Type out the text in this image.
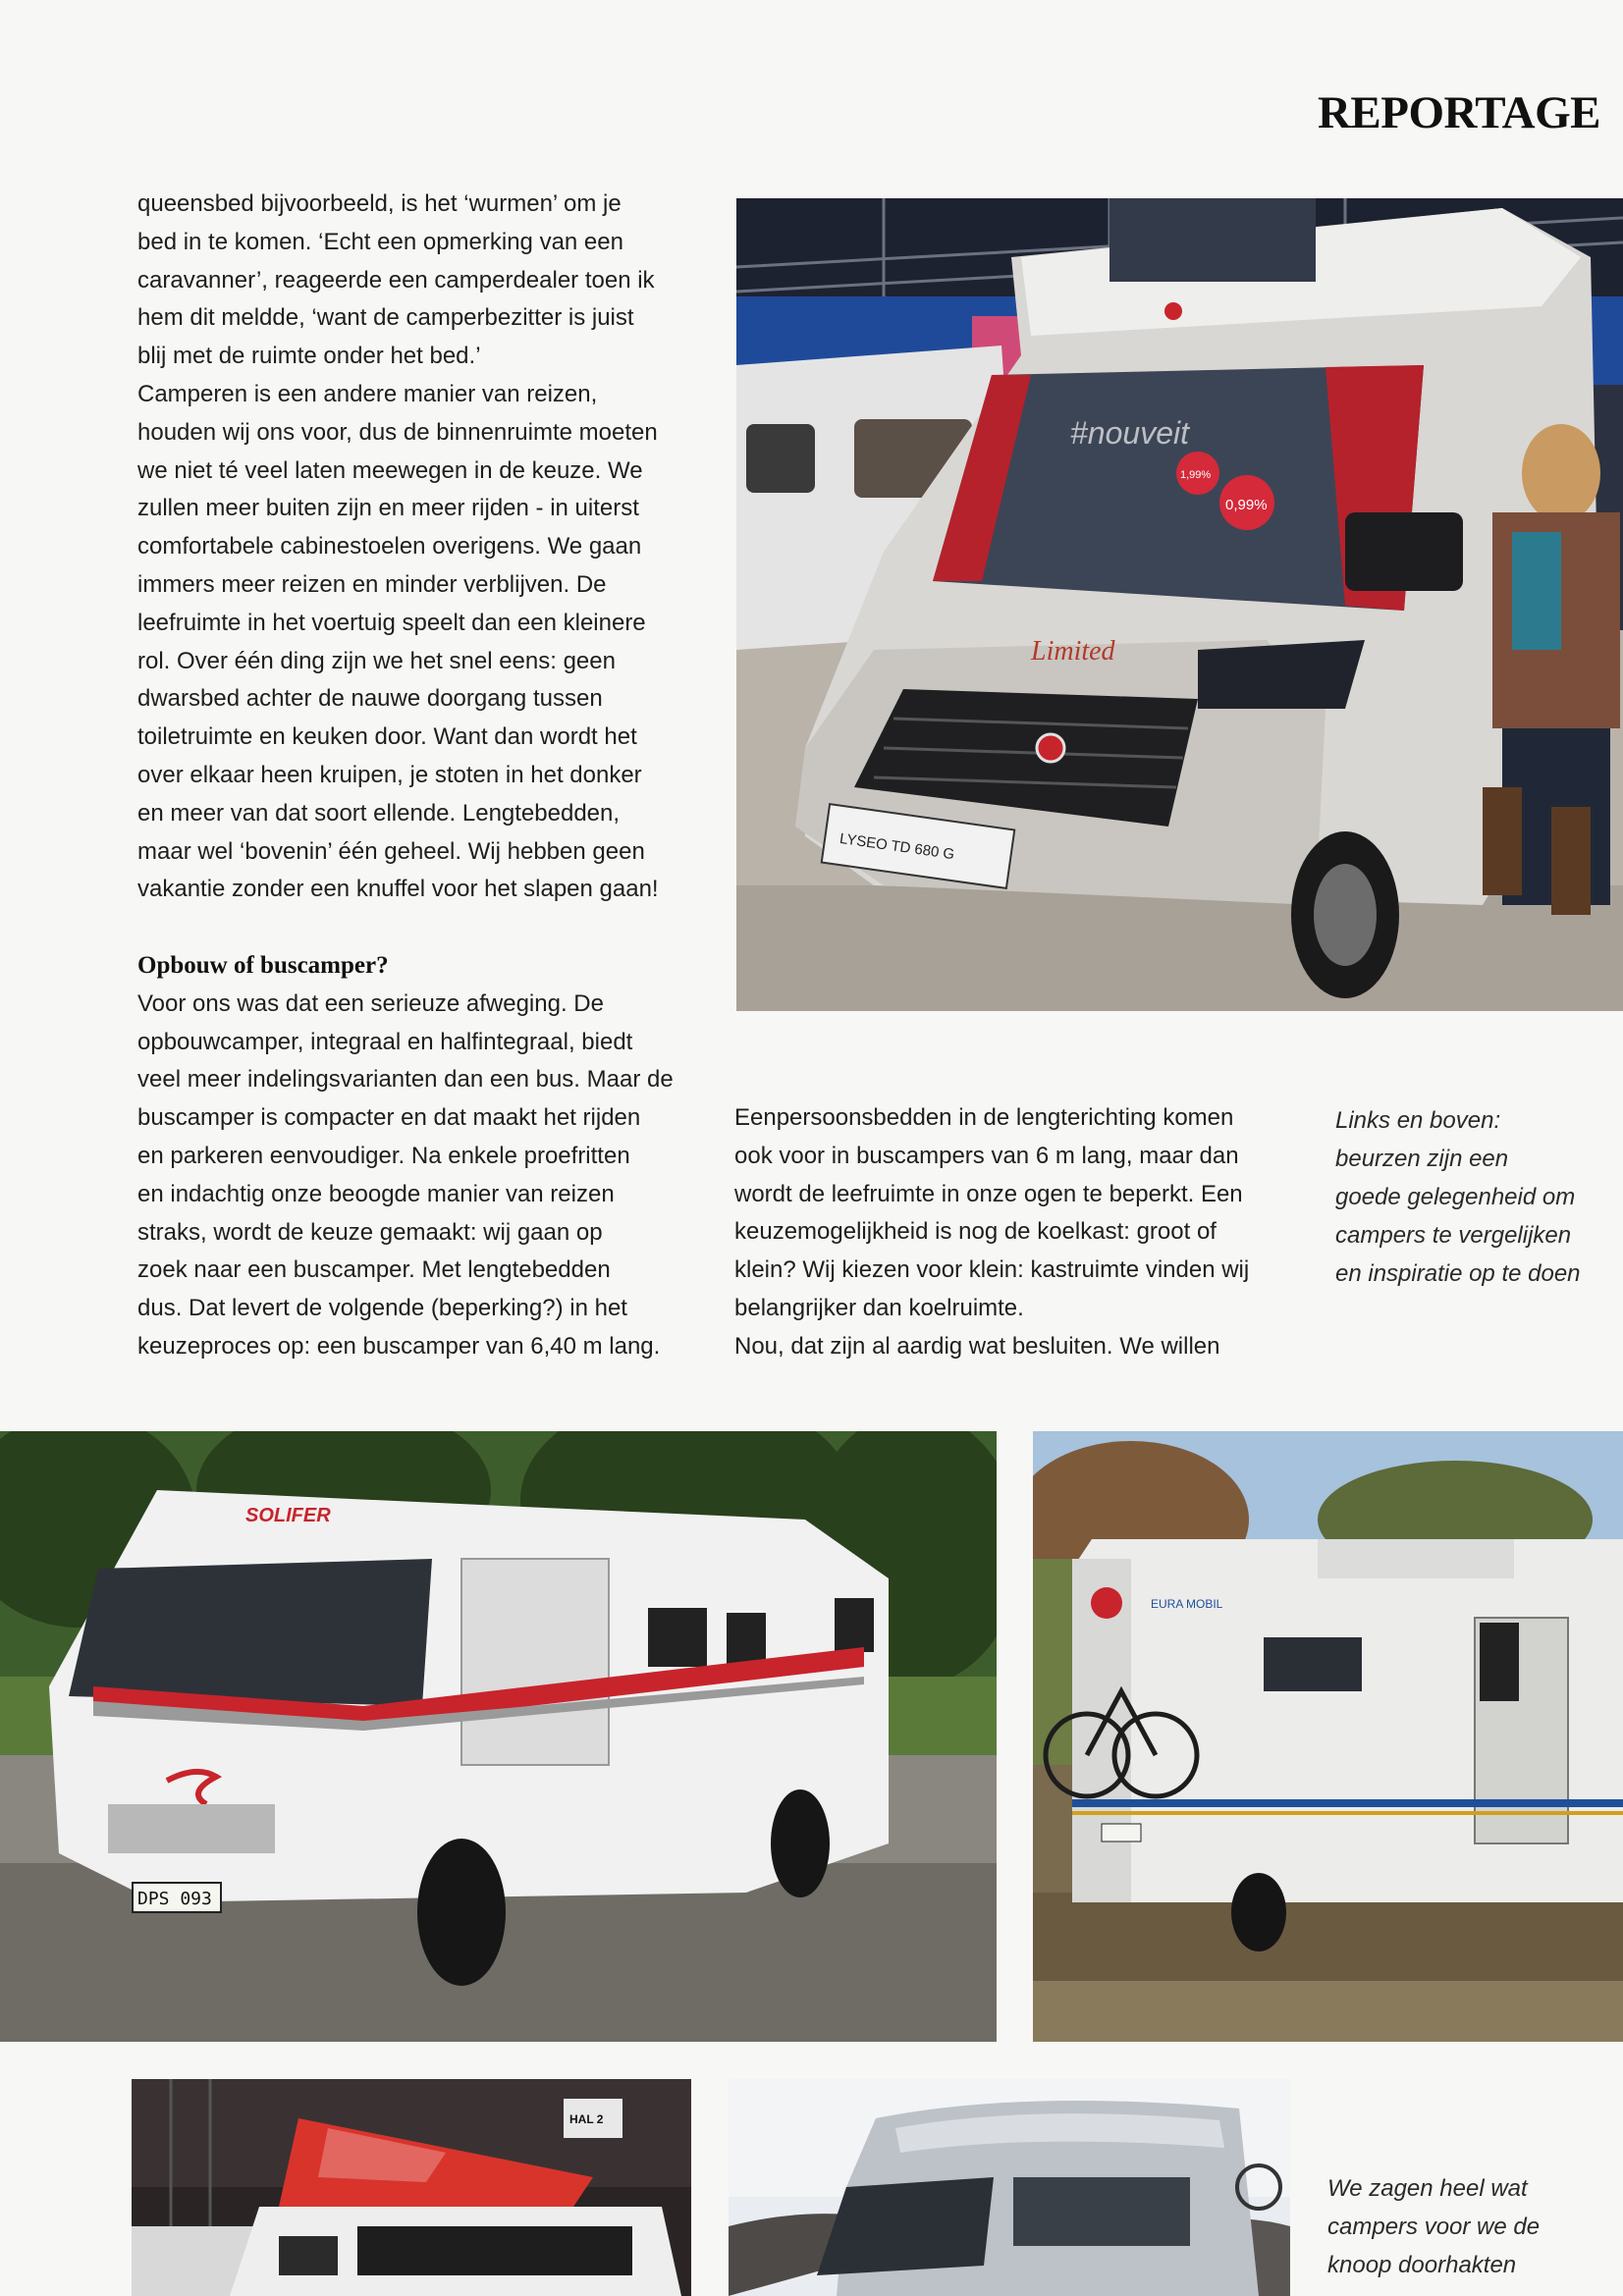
REPORTAGE

queensbed bijvoorbeeld, is het ‘wurmen’ om je

bed in te komen. ‘Echt een opmerking van een

caravanner’, reageerde een camperdealer toen ik

hem dit meldde, ‘want de camperbezitter is juist

blij met de ruimte onder het bed.’

Camperen is een andere manier van reizen,

houden wij ons voor, dus de binnenruimte moeten

we niet té veel laten meewegen in de keuze. We

zullen meer buiten zijn en meer rijden - in uiterst

comfortabele cabinestoelen overigens. We gaan

immers meer reizen en minder verblijven. De

leefruimte in het voertuig speelt dan een kleinere

rol. Over één ding zijn we het snel eens: geen

dwarsbed achter de nauwe doorgang tussen

toiletruimte en keuken door. Want dan wordt het

over elkaar heen kruipen, je stoten in het donker

en meer van dat soort ellende. Lengtebedden,

maar wel ‘bovenin’ één geheel. Wij hebben geen

vakantie zonder een knuffel voor het slapen gaan!

Opbouw of buscamper?

Voor ons was dat een serieuze afweging. De

opbouwcamper, integraal en halfintegraal, biedt

veel meer indelingsvarianten dan een bus. Maar de

buscamper is compacter en dat maakt het rijden

en parkeren eenvoudiger. Na enkele proefritten

en indachtig onze beoogde manier van reizen

straks, wordt de keuze gemaakt: wij gaan op

zoek naar een buscamper. Met lengtebedden

dus. Dat levert de volgende (beperking?) in het

keuzeproces op: een buscamper van 6,40 m lang.

Eenpersoonsbedden in de lengterichting komen

ook voor in buscampers van 6 m lang, maar dan

wordt de leefruimte in onze ogen te beperkt. Een

keuzemogelijkheid is nog de koelkast: groot of

klein? Wij kiezen voor klein: kastruimte vinden wij

belangrijker dan koelruimte.

Nou, dat zijn al aardig wat besluiten. We willen

Links en boven:
beurzen zijn een
goede gelegenheid om
campers te vergelijken
en inspiratie op te doen
We zagen heel wat
campers voor we de
knoop doorhakten
0,99%
1,99%
#nouveit
Limited
LYSEO TD 680 G
SOLIFER
DPS 093
EURA MOBIL
HAL 2
